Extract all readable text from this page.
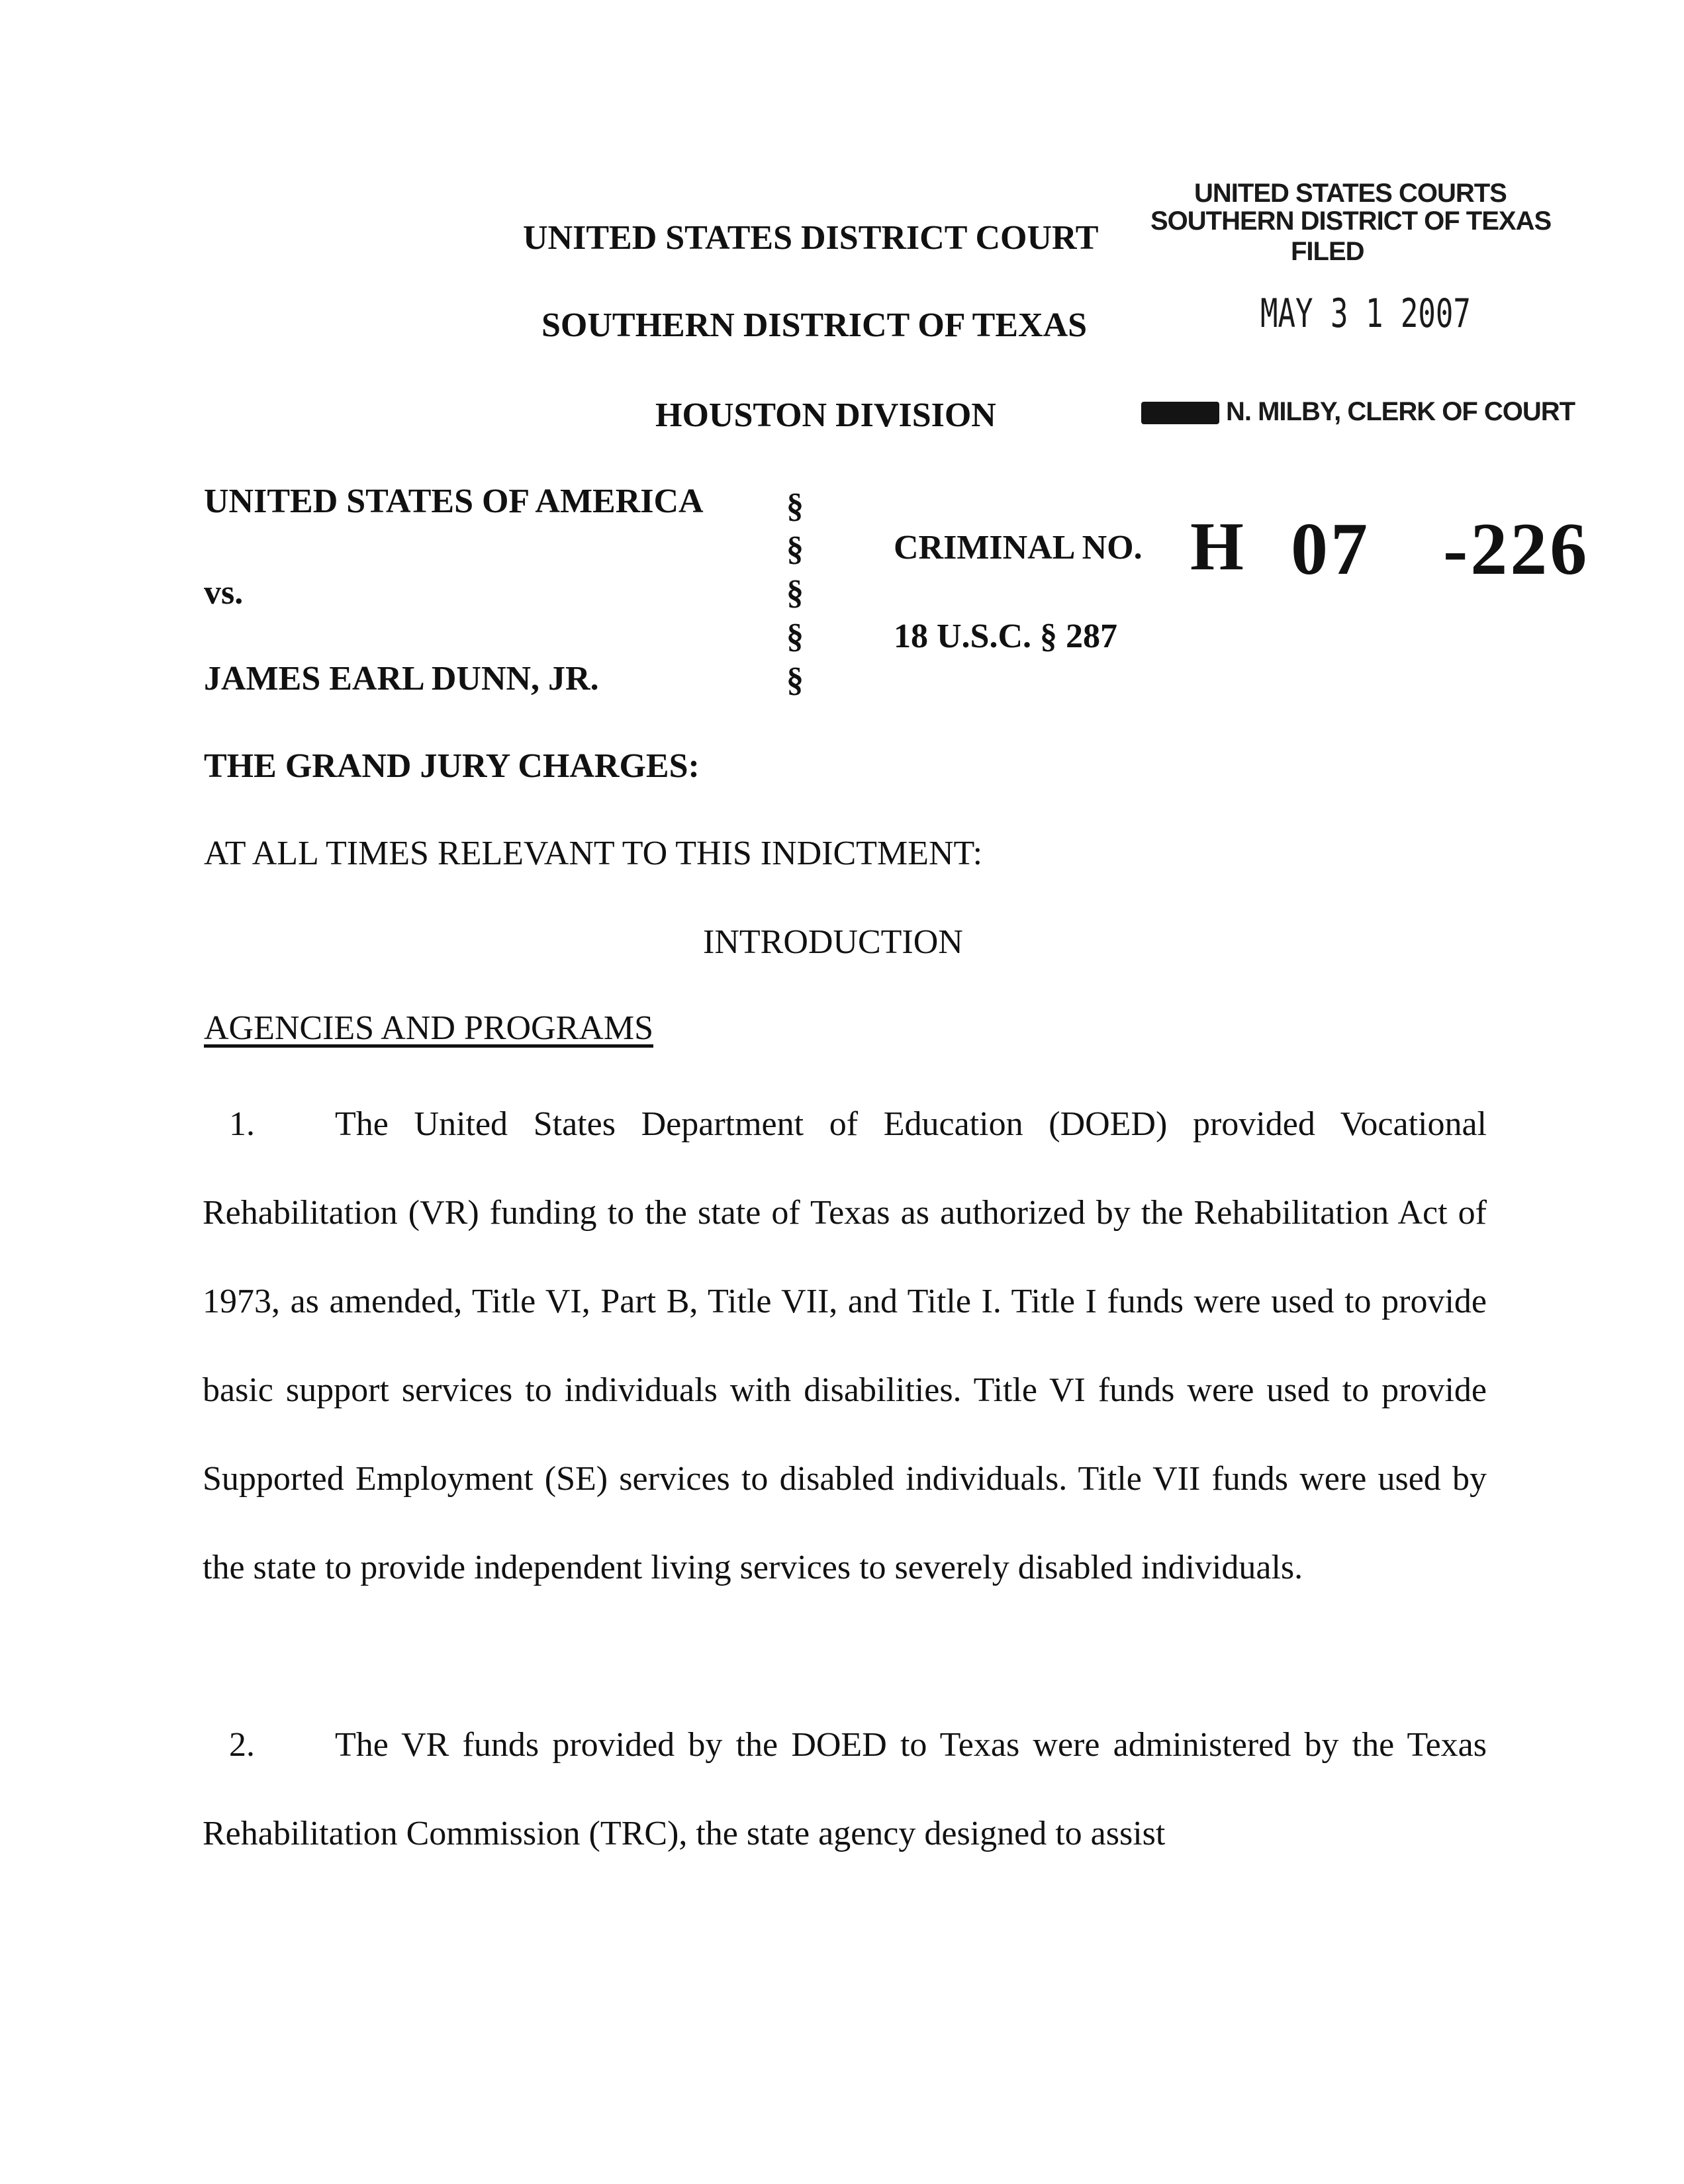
UNITED STATES COURTS
SOUTHERN DISTRICT OF TEXAS
FILED
MAY 3 1 2007
N. MILBY, CLERK OF COURT
UNITED STATES DISTRICT COURT
SOUTHERN DISTRICT OF TEXAS
HOUSTON DIVISION
UNITED STATES OF AMERICA
vs.
JAMES EARL DUNN, JR.
§
§
§
§
§
CRIMINAL NO. H 07 -226
18 U.S.C. § 287
THE GRAND JURY CHARGES:
AT ALL TIMES RELEVANT TO THIS INDICTMENT:
INTRODUCTION
AGENCIES AND PROGRAMS

1. The United States Department of Education (DOED) provided Vocational Rehabilitation (VR) funding to the state of Texas as authorized by the Rehabilitation Act of 1973, as amended, Title VI, Part B, Title VII, and Title I. Title I funds were used to provide basic support services to individuals with disabilities. Title VI funds were used to provide Supported Employment (SE) services to disabled individuals. Title VII funds were used by the state to provide independent living services to severely disabled individuals.

2. The VR funds provided by the DOED to Texas were administered by the Texas Rehabilitation Commission (TRC), the state agency designed to assist
